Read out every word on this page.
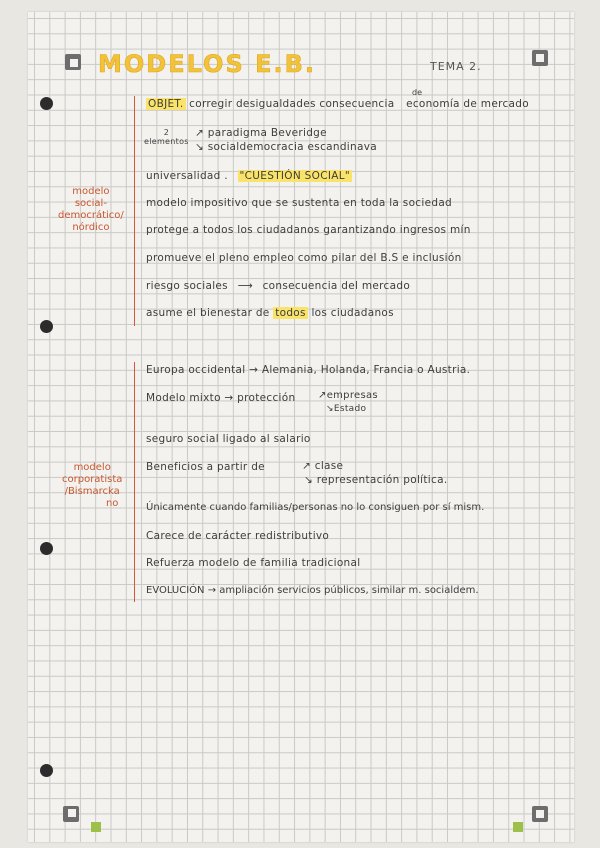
MODELOS E.B.	TEMA 2.
modelo
social-
democrático/
nórdico
OBJET. corregir desigualdades consecuencia economía de mercado
de
2
elementos
↗ paradigma Beveridge
↘ socialdemocracia escandinava
universalidad . "CUESTIÓN SOCIAL"
modelo impositivo que se sustenta en toda la sociedad
protege a todos los ciudadanos garantizando ingresos mín
promueve el pleno empleo como pilar del B.S e inclusión
riesgo sociales ⟶ consecuencia del mercado
asume el bienestar de todos los ciudadanos
modelo
corporatista
/Bismarcka
no
Europa occidental → Alemania, Holanda, Francia o Austria.
Modelo mixto → protección ↗empresas
↘Estado
seguro social ligado al salario
Beneficios a partir de	↗ clase
↘ representación política.
Únicamente cuando familias/personas no lo consiguen por sí mism.
Carece de carácter redistributivo
Refuerza modelo de familia tradicional
EVOLUCIÓN → ampliación servicios públicos, similar m. socialdem.
